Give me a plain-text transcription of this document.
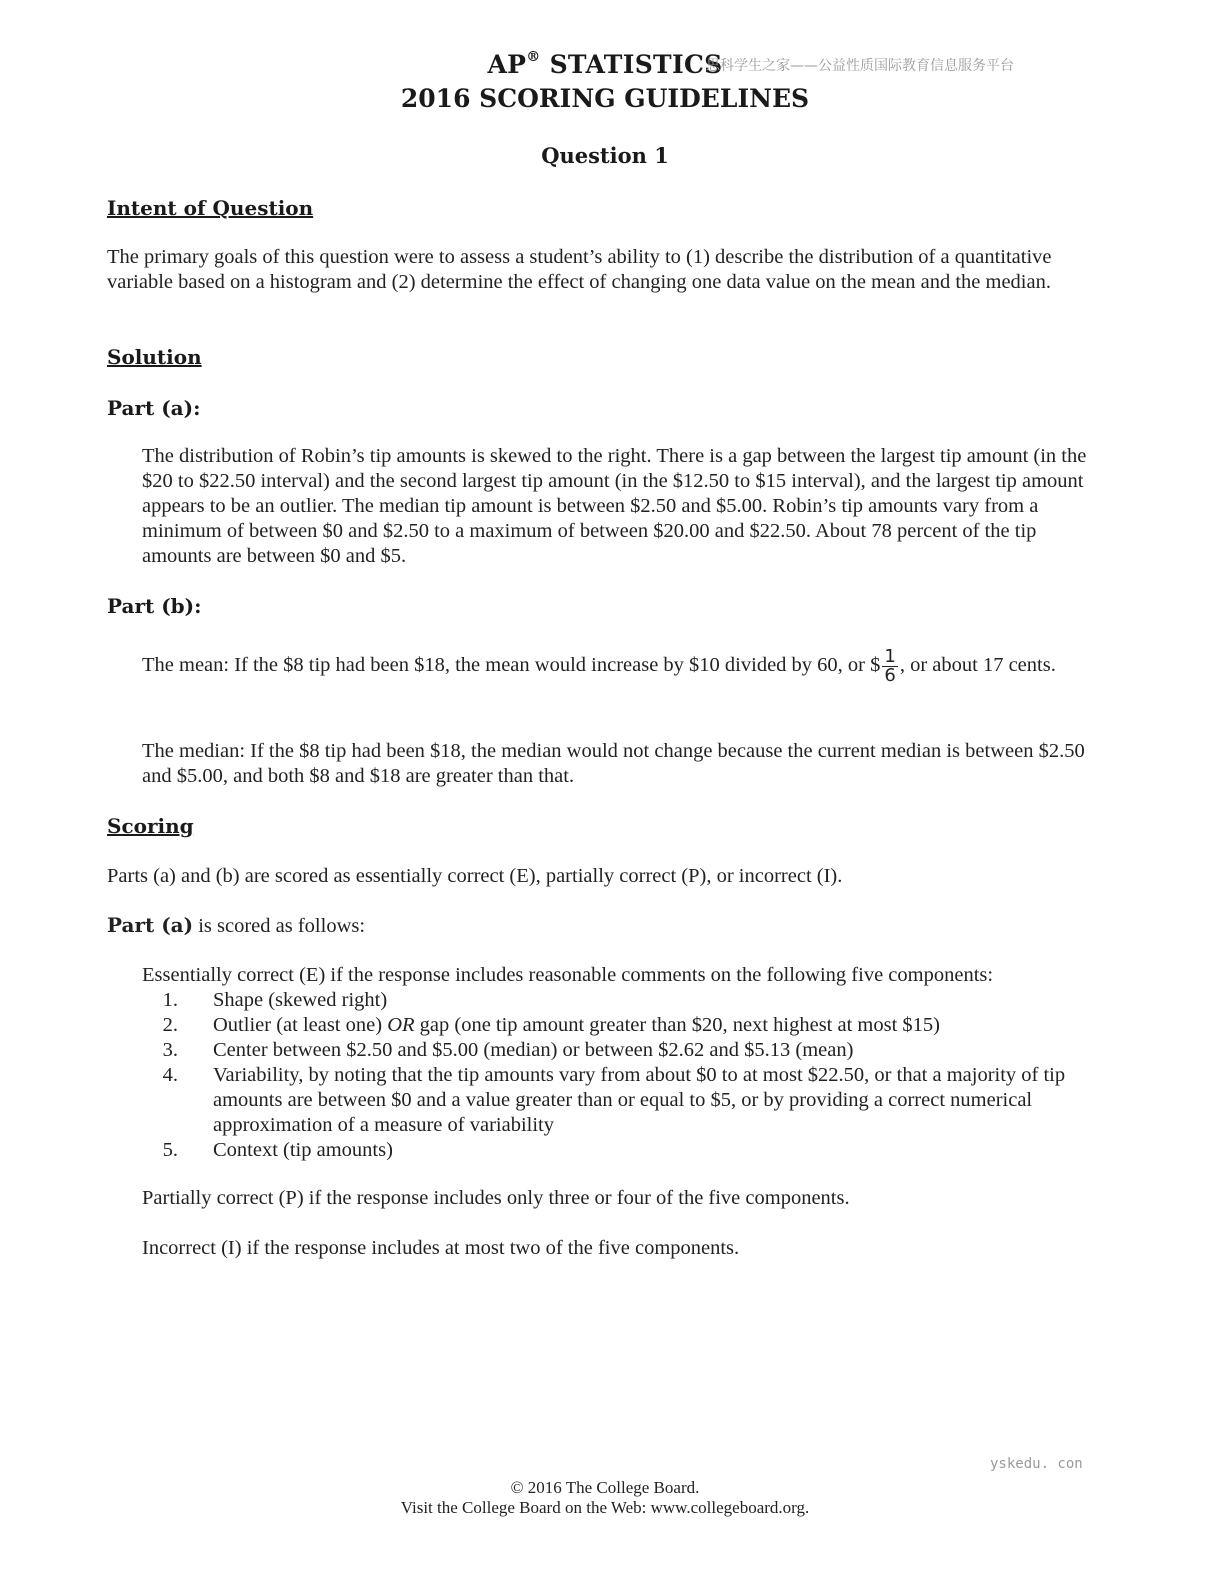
AP® STATISTICS
思科学生之家——公益性质国际教育信息服务平台
2016 SCORING GUIDELINES
Question 1
Intent of Question
The primary goals of this question were to assess a student’s ability to (1) describe the distribution of a quantitative variable based on a histogram and (2) determine the effect of changing one data value on the mean and the median.
Solution
Part (a):
The distribution of Robin’s tip amounts is skewed to the right. There is a gap between the largest tip amount (in the $20 to $22.50 interval) and the second largest tip amount (in the $12.50 to $15 interval), and the largest tip amount appears to be an outlier. The median tip amount is between $2.50 and $5.00. Robin’s tip amounts vary from a minimum of between $0 and $2.50 to a maximum of between $20.00 and $22.50. About 78 percent of the tip amounts are between $0 and $5.
Part (b):
The mean: If the $8 tip had been $18, the mean would increase by $10 divided by 60, or $ $\frac{1}{6}$ , or about 17 cents.
The median: If the $8 tip had been $18, the median would not change because the current median is between $2.50 and $5.00, and both $8 and $18 are greater than that.
Scoring
Parts (a) and (b) are scored as essentially correct (E), partially correct (P), or incorrect (I).
Part (a) is scored as follows:
Essentially correct (E) if the response includes reasonable comments on the following five components:
1.	Shape (skewed right)
2.	Outlier (at least one) OR gap (one tip amount greater than $20, next highest at most $15)
3.	Center between $2.50 and $5.00 (median) or between $2.62 and $5.13 (mean)
4.	Variability, by noting that the tip amounts vary from about $0 to at most $22.50, or that a majority of tip amounts are between $0 and a value greater than or equal to $5, or by providing a correct numerical approximation of a measure of variability
5.	Context (tip amounts)
Partially correct (P) if the response includes only three or four of the five components.
Incorrect (I) if the response includes at most two of the five components.
yskedu. con
© 2016 The College Board.
Visit the College Board on the Web: www.collegeboard.org.
